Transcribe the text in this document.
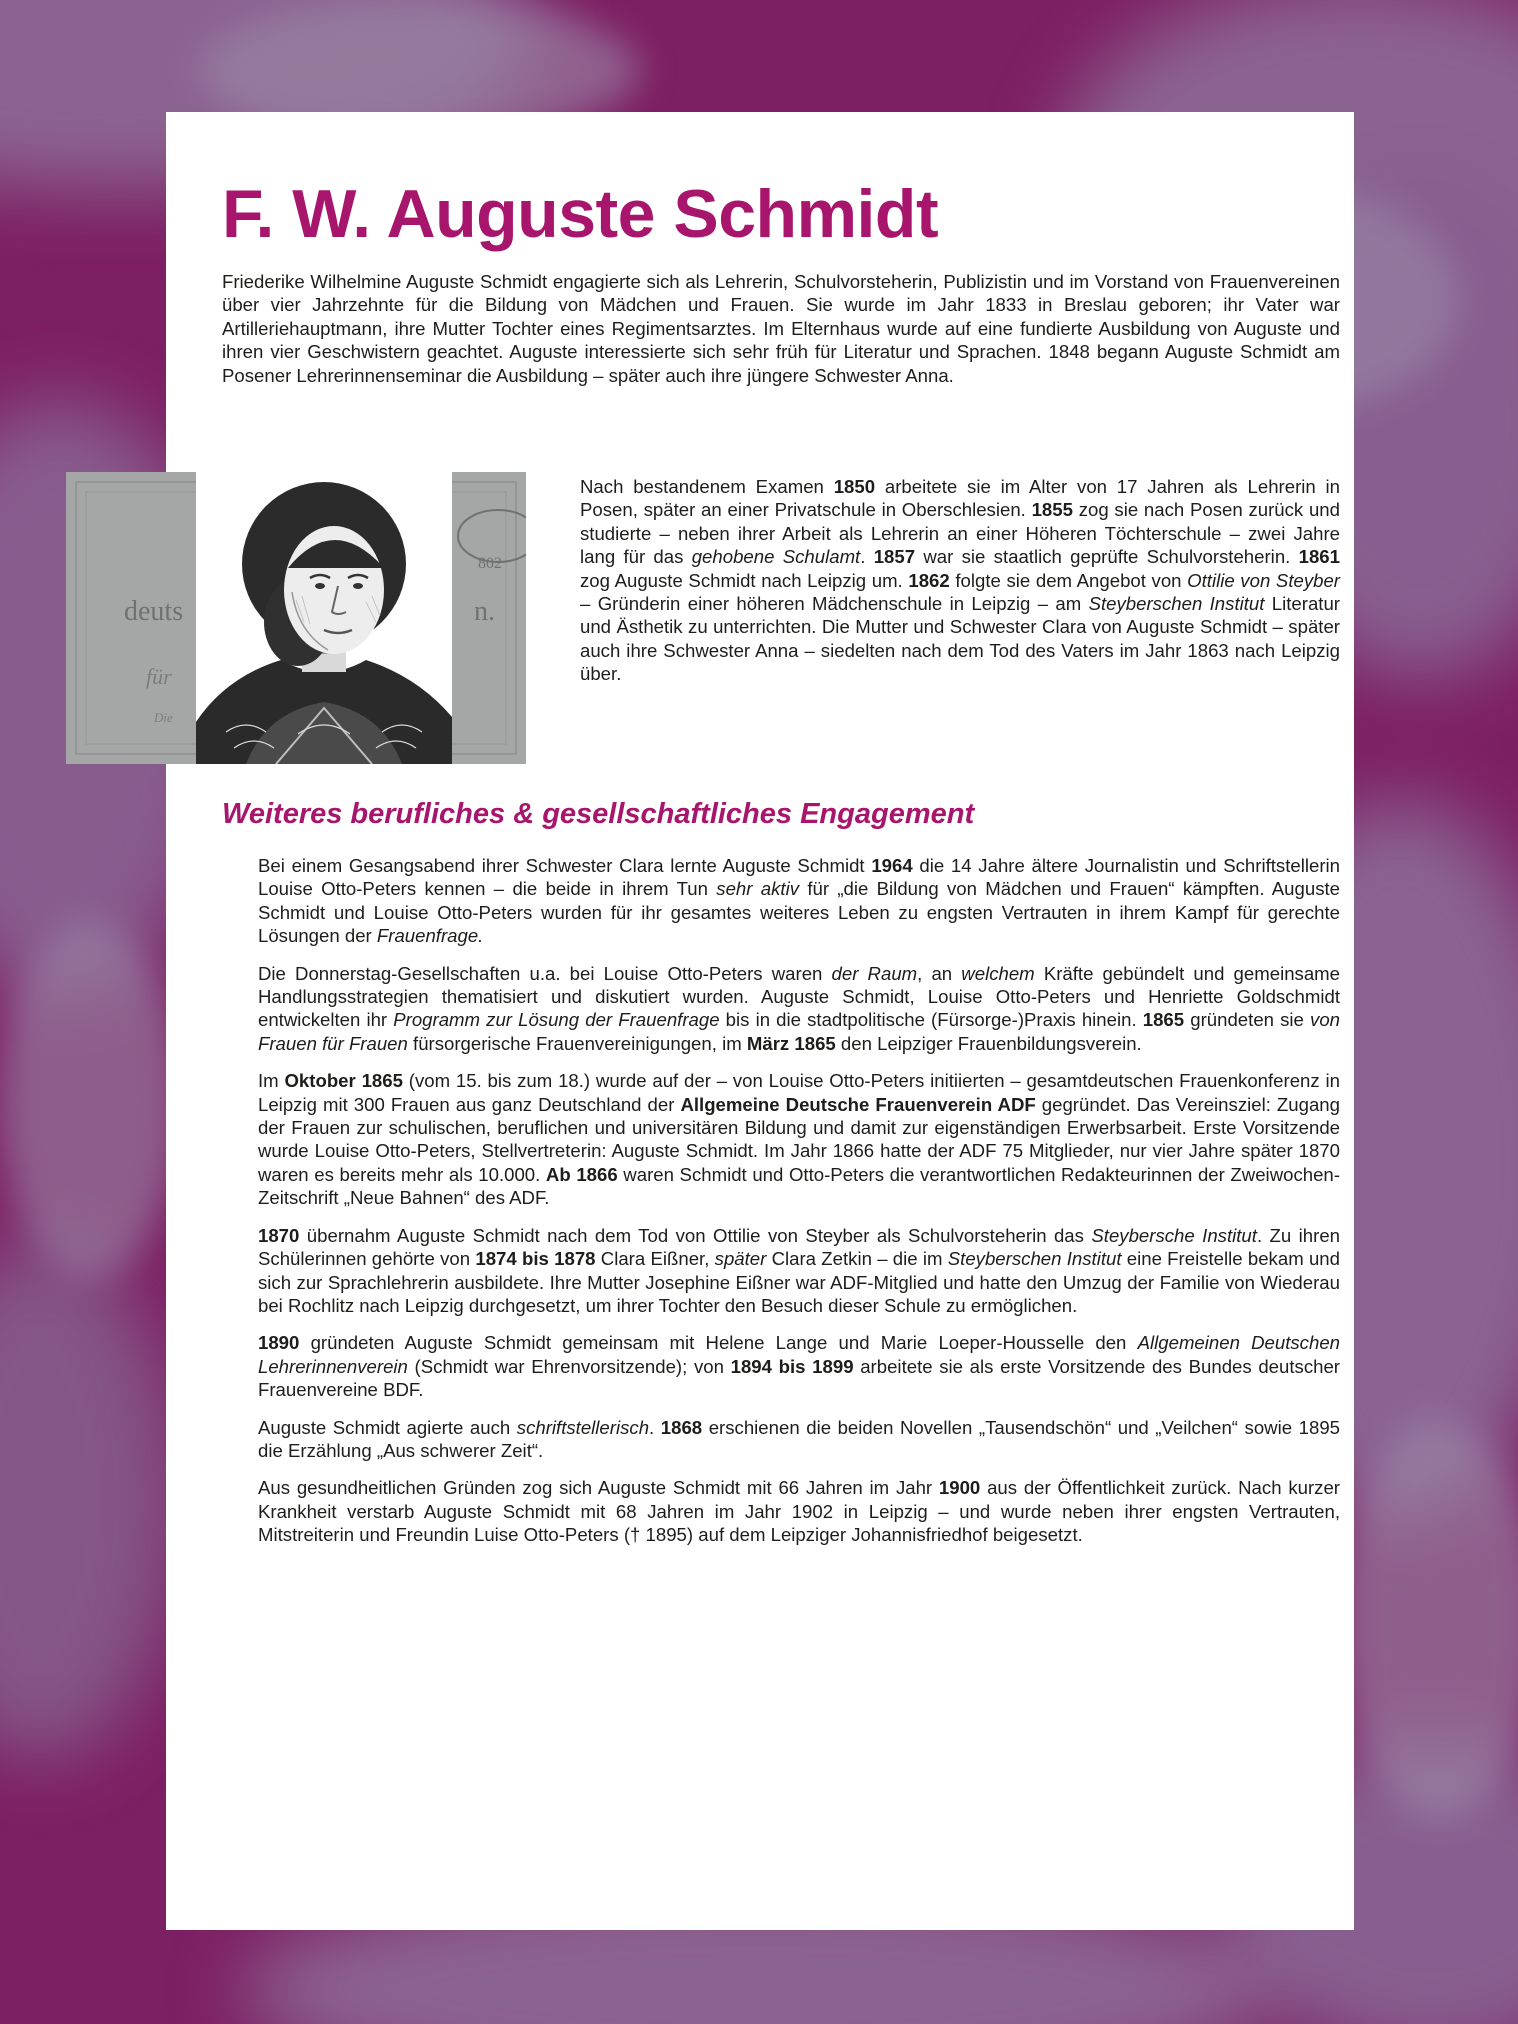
F. W. Auguste Schmidt

Friederike Wilhelmine Auguste Schmidt engagierte sich als Lehrerin, Schulvorsteherin, Publizistin und im Vorstand von Frauenvereinen über vier Jahrzehnte für die Bildung von Mädchen und Frauen. Sie wurde im Jahr 1833 in Breslau geboren; ihr Vater war Artilleriehauptmann, ihre Mutter Tochter eines Regimentsarztes. Im Elternhaus wurde auf eine fundierte Ausbildung von Auguste und ihren vier Geschwistern geachtet. Auguste interessierte sich sehr früh für Literatur und Sprachen. 1848 begann Auguste Schmidt am Posener Lehrerinnenseminar die Ausbildung – später auch ihre jüngere Schwester Anna.

deuts	n.
für
Die
802

Nach bestandenem Examen 1850 arbeitete sie im Alter von 17 Jahren als Lehrerin in Posen, später an einer Privatschule in Oberschlesien. 1855 zog sie nach Posen zurück und studierte – neben ihrer Arbeit als Lehrerin an einer Höheren Töchterschule – zwei Jahre lang für das gehobene Schulamt. 1857 war sie staatlich geprüfte Schulvorsteherin. 1861 zog Auguste Schmidt nach Leipzig um. 1862 folgte sie dem Angebot von Ottilie von Steyber – Gründerin einer höheren Mädchenschule in Leipzig – am Steyberschen Institut Literatur und Ästhetik zu unterrichten. Die Mutter und Schwester Clara von Auguste Schmidt – später auch ihre Schwester Anna – siedelten nach dem Tod des Vaters im Jahr 1863 nach Leipzig über.

Weiteres berufliches & gesellschaftliches Engagement

Bei einem Gesangsabend ihrer Schwester Clara lernte Auguste Schmidt 1964 die 14 Jahre ältere Journalistin und Schriftstellerin Louise Otto-Peters kennen – die beide in ihrem Tun sehr aktiv für „die Bildung von Mädchen und Frauen“ kämpften. Auguste Schmidt und Louise Otto-Peters wurden für ihr gesamtes weiteres Leben zu engsten Vertrauten in ihrem Kampf für gerechte Lösungen der Frauenfrage.

Die Donnerstag-Gesellschaften u.a. bei Louise Otto-Peters waren der Raum, an welchem Kräfte gebündelt und gemeinsame Handlungsstrategien thematisiert und diskutiert wurden. Auguste Schmidt, Louise Otto-Peters und Henriette Goldschmidt entwickelten ihr Programm zur Lösung der Frauenfrage bis in die stadtpolitische (Fürsorge-)Praxis hinein. 1865 gründeten sie von Frauen für Frauen fürsorgerische Frauenvereinigungen, im März 1865 den Leipziger Frauenbildungsverein.

Im Oktober 1865 (vom 15. bis zum 18.) wurde auf der – von Louise Otto-Peters initiierten – gesamtdeutschen Frauenkonferenz in Leipzig mit 300 Frauen aus ganz Deutschland der Allgemeine Deutsche Frauenverein ADF gegründet. Das Vereinsziel: Zugang der Frauen zur schulischen, beruflichen und universitären Bildung und damit zur eigenständigen Erwerbsarbeit. Erste Vorsitzende wurde Louise Otto-Peters, Stellvertreterin: Auguste Schmidt. Im Jahr 1866 hatte der ADF 75 Mitglieder, nur vier Jahre später 1870 waren es bereits mehr als 10.000. Ab 1866 waren Schmidt und Otto-Peters die verantwortlichen Redakteurinnen der Zweiwochen-Zeitschrift „Neue Bahnen“ des ADF.

1870 übernahm Auguste Schmidt nach dem Tod von Ottilie von Steyber als Schulvorsteherin das Steybersche Institut. Zu ihren Schülerinnen gehörte von 1874 bis 1878 Clara Eißner, später Clara Zetkin – die im Steyberschen Institut eine Freistelle bekam und sich zur Sprachlehrerin ausbildete. Ihre Mutter Josephine Eißner war ADF-Mitglied und hatte den Umzug der Familie von Wiederau bei Rochlitz nach Leipzig durchgesetzt, um ihrer Tochter den Besuch dieser Schule zu ermöglichen.

1890 gründeten Auguste Schmidt gemeinsam mit Helene Lange und Marie Loeper-Housselle den Allgemeinen Deutschen Lehrerinnenverein (Schmidt war Ehrenvorsitzende); von 1894 bis 1899 arbeitete sie als erste Vorsitzende des Bundes deutscher Frauenvereine BDF.

Auguste Schmidt agierte auch schriftstellerisch. 1868 erschienen die beiden Novellen „Tausendschön“ und „Veilchen“ sowie 1895 die Erzählung „Aus schwerer Zeit“.

Aus gesundheitlichen Gründen zog sich Auguste Schmidt mit 66 Jahren im Jahr 1900 aus der Öffentlichkeit zurück. Nach kurzer Krankheit verstarb Auguste Schmidt mit 68 Jahren im Jahr 1902 in Leipzig – und wurde neben ihrer engsten Vertrauten, Mitstreiterin und Freundin Luise Otto-Peters († 1895) auf dem Leipziger Johannisfriedhof beigesetzt.
